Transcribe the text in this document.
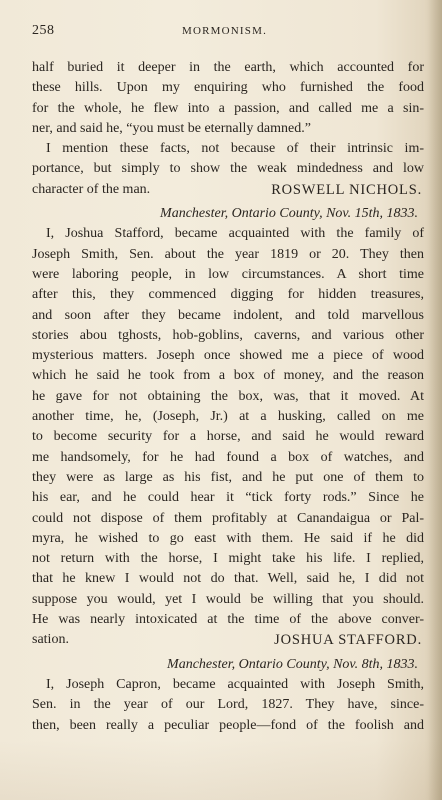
258	MORMONISM.
half buried it deeper in the earth, which accounted for
these hills. Upon my enquiring who furnished the food
for the whole, he flew into a passion, and called me a sin-
ner, and said he, “you must be eternally damned.”
I mention these facts, not because of their intrinsic im-
portance, but simply to show the weak mindedness and low
character of the man.	ROSWELL NICHOLS.
Manchester, Ontario County, Nov. 15th, 1833.
I, Joshua Stafford, became acquainted with the family of
Joseph Smith, Sen. about the year 1819 or 20. They then
were laboring people, in low circumstances. A short time
after this, they commenced digging for hidden treasures,
and soon after they became indolent, and told marvellous
stories abou tghosts, hob-goblins, caverns, and various other
mysterious matters. Joseph once showed me a piece of wood
which he said he took from a box of money, and the reason
he gave for not obtaining the box, was, that it moved. At
another time, he, (Joseph, Jr.) at a husking, called on me
to become security for a horse, and said he would reward
me handsomely, for he had found a box of watches, and
they were as large as his fist, and he put one of them to
his ear, and he could hear it “tick forty rods.” Since he
could not dispose of them profitably at Canandaigua or Pal-
myra, he wished to go east with them. He said if he did
not return with the horse, I might take his life. I replied,
that he knew I would not do that. Well, said he, I did not
suppose you would, yet I would be willing that you should.
He was nearly intoxicated at the time of the above conver-
sation.	JOSHUA STAFFORD.
Manchester, Ontario County, Nov. 8th, 1833.
I, Joseph Capron, became acquainted with Joseph Smith,
Sen. in the year of our Lord, 1827. They have, since-
then, been really a peculiar people—fond of the foolish and
